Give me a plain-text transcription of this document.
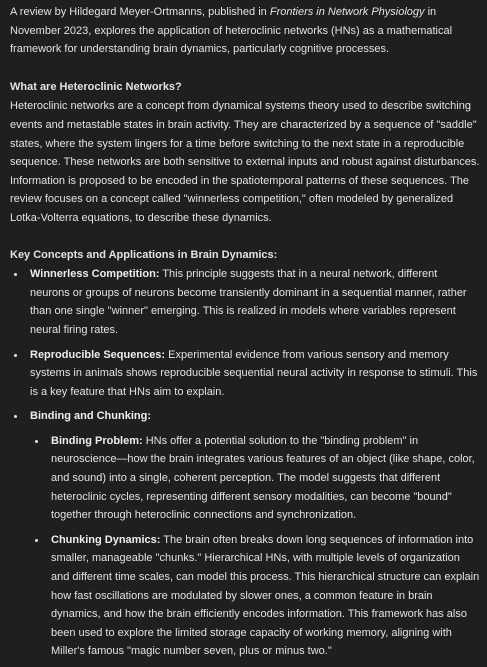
A review by Hildegard Meyer-Ortmanns, published in Frontiers in Network Physiology in November 2023, explores the application of heteroclinic networks (HNs) as a mathematical framework for understanding brain dynamics, particularly cognitive processes.

What are Heteroclinic Networks?

Heteroclinic networks are a concept from dynamical systems theory used to describe switching events and metastable states in brain activity. They are characterized by a sequence of "saddle" states, where the system lingers for a time before switching to the next state in a reproducible sequence. These networks are both sensitive to external inputs and robust against disturbances. Information is proposed to be encoded in the spatiotemporal patterns of these sequences. The review focuses on a concept called "winnerless competition," often modeled by generalized Lotka-Volterra equations, to describe these dynamics.

Key Concepts and Applications in Brain Dynamics:
Winnerless Competition: This principle suggests that in a neural network, different neurons or groups of neurons become transiently dominant in a sequential manner, rather than one single "winner" emerging. This is realized in models where variables represent neural firing rates.
Reproducible Sequences: Experimental evidence from various sensory and memory systems in animals shows reproducible sequential neural activity in response to stimuli. This is a key feature that HNs aim to explain.
Binding and Chunking:
Binding Problem: HNs offer a potential solution to the "binding problem" in neuroscience—how the brain integrates various features of an object (like shape, color, and sound) into a single, coherent perception. The model suggests that different heteroclinic cycles, representing different sensory modalities, can become "bound" together through heteroclinic connections and synchronization.
Chunking Dynamics: The brain often breaks down long sequences of information into smaller, manageable "chunks." Hierarchical HNs, with multiple levels of organization and different time scales, can model this process. This hierarchical structure can explain how fast oscillations are modulated by slower ones, a common feature in brain dynamics, and how the brain efficiently encodes information. This framework has also been used to explore the limited storage capacity of working memory, aligning with Miller's famous "magic number seven, plus or minus two."
